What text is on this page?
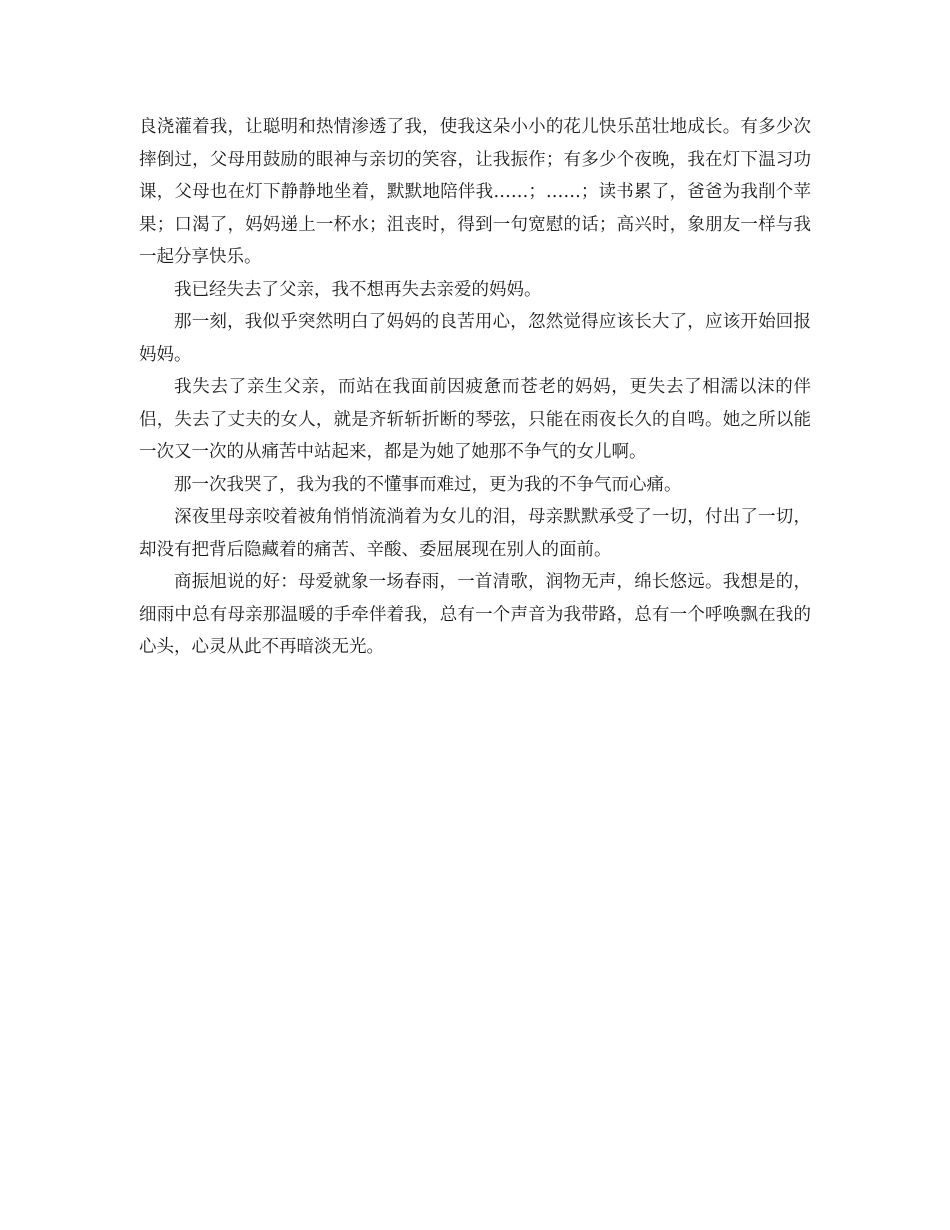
良浇灌着我，让聪明和热情渗透了我，使我这朵小小的花儿快乐茁壮地成长。有多少次摔倒过，父母用鼓励的眼神与亲切的笑容，让我振作；有多少个夜晚，我在灯下温习功课，父母也在灯下静静地坐着，默默地陪伴我……；……；读书累了，爸爸为我削个苹果；口渴了，妈妈递上一杯水；沮丧时，得到一句宽慰的话；高兴时，象朋友一样与我一起分享快乐。

我已经失去了父亲，我不想再失去亲爱的妈妈。

那一刻，我似乎突然明白了妈妈的良苦用心，忽然觉得应该长大了，应该开始回报妈妈。

我失去了亲生父亲，而站在我面前因疲惫而苍老的妈妈，更失去了相濡以沫的伴侣，失去了丈夫的女人，就是齐斩斩折断的琴弦，只能在雨夜长久的自鸣。她之所以能一次又一次的从痛苦中站起来，都是为她了她那不争气的女儿啊。

那一次我哭了，我为我的不懂事而难过，更为我的不争气而心痛。

深夜里母亲咬着被角悄悄流淌着为女儿的泪，母亲默默承受了一切，付出了一切，却没有把背后隐藏着的痛苦、辛酸、委屈展现在别人的面前。

商振旭说的好：母爱就象一场春雨，一首清歌，润物无声，绵长悠远。我想是的，细雨中总有母亲那温暖的手牵伴着我，总有一个声音为我带路，总有一个呼唤飘在我的心头，心灵从此不再暗淡无光。
